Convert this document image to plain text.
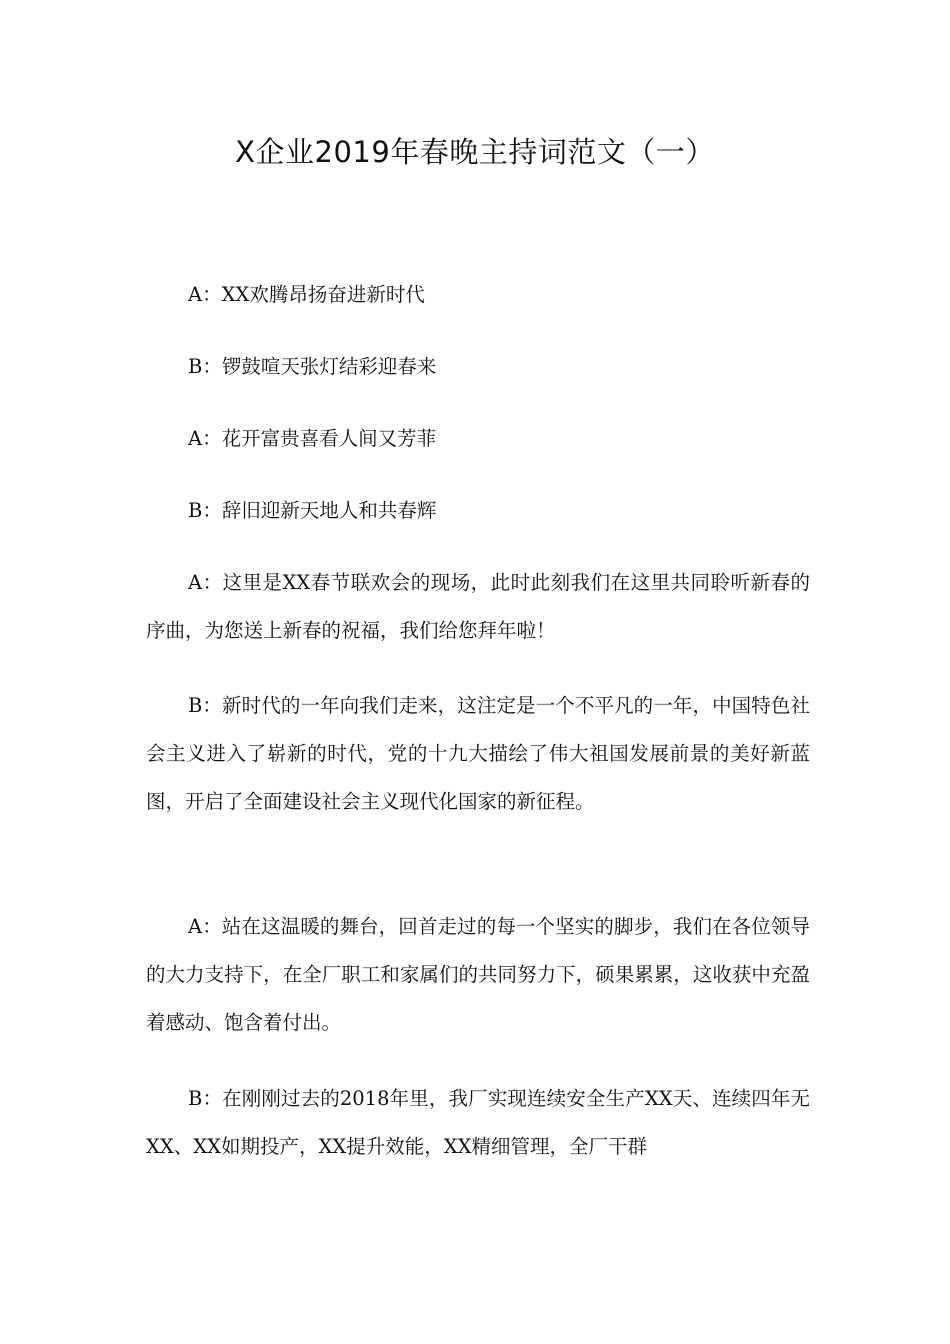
X企业2019年春晚主持词范文（一）

A：XX欢腾昂扬奋进新时代

B：锣鼓喧天张灯结彩迎春来

A：花开富贵喜看人间又芳菲

B：辞旧迎新天地人和共春辉

A：这里是XX春节联欢会的现场，此时此刻我们在这里共同聆听新春的序曲，为您送上新春的祝福，我们给您拜年啦！

B：新时代的一年向我们走来，这注定是一个不平凡的一年，中国特色社会主义进入了崭新的时代，党的十九大描绘了伟大祖国发展前景的美好新蓝图，开启了全面建设社会主义现代化国家的新征程。

A：站在这温暖的舞台，回首走过的每一个坚实的脚步，我们在各位领导的大力支持下，在全厂职工和家属们的共同努力下，硕果累累，这收获中充盈着感动、饱含着付出。

B：在刚刚过去的2018年里，我厂实现连续安全生产XX天、连续四年无XX、XX如期投产，XX提升效能，XX精细管理，全厂干群
